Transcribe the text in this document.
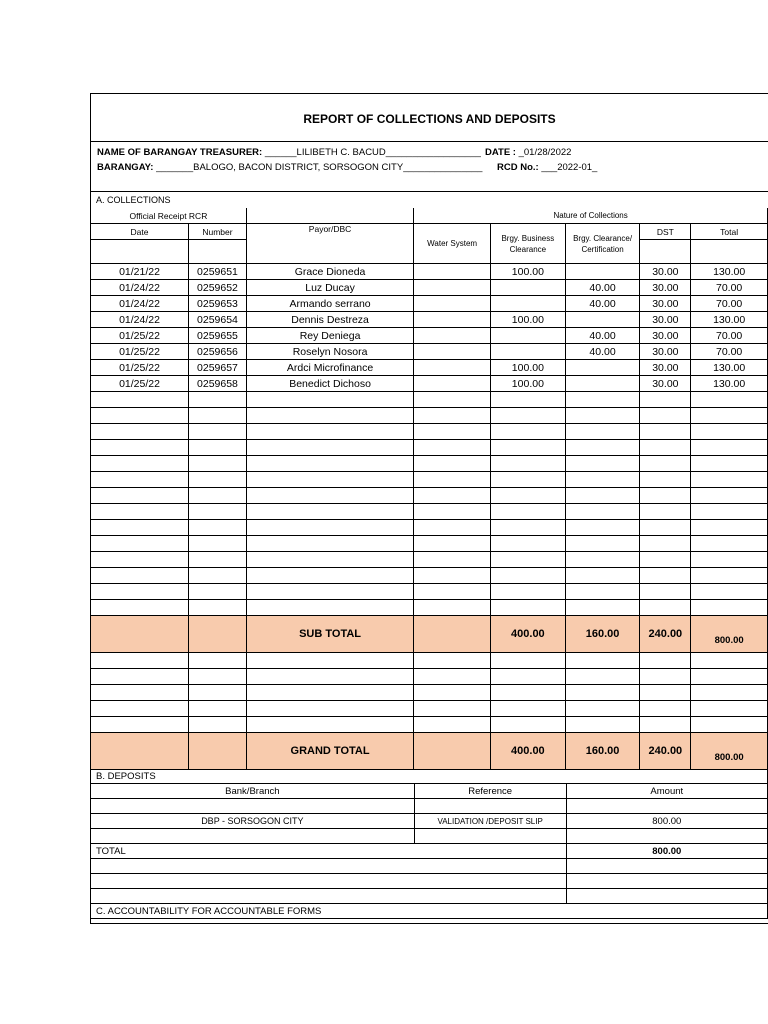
REPORT OF COLLECTIONS AND DEPOSITS
NAME OF BARANGAY TREASURER: ______LILIBETH C. BACUD__________________ DATE : _01/28/2022
BARANGAY: _______BALOGO, BACON DISTRICT, SORSOGON CITY_______________ RCD No.: ___2022-01_
A. COLLECTIONS
Official Receipt RCR			Nature of Collections				
Date	Number	Payor/DBC	Water System	Brgy. Business Clearance	Brgy. Clearance/ Certification	DST	Total

01/21/22	0259651	Grace Dioneda		100.00		30.00	130.00
01/24/22	0259652	Luz Ducay			40.00	30.00	70.00
01/24/22	0259653	Armando serrano			40.00	30.00	70.00
01/24/22	0259654	Dennis Destreza		100.00		30.00	130.00
01/25/22	0259655	Rey Deniega			40.00	30.00	70.00
01/25/22	0259656	Roselyn Nosora			40.00	30.00	70.00
01/25/22	0259657	Ardci Microfinance		100.00		30.00	130.00
01/25/22	0259658	Benedict Dichoso		100.00		30.00	130.00

		SUB TOTAL		400.00	160.00	240.00	800.00

		GRAND TOTAL		400.00	160.00	240.00	800.00
B. DEPOSITS		
Bank/Branch	Reference	Amount

DBP - SORSOGON CITY	VALIDATION /DEPOSIT SLIP	800.00

TOTAL		800.00

C. ACCOUNTABILITY FOR ACCOUNTABLE FORMS		
